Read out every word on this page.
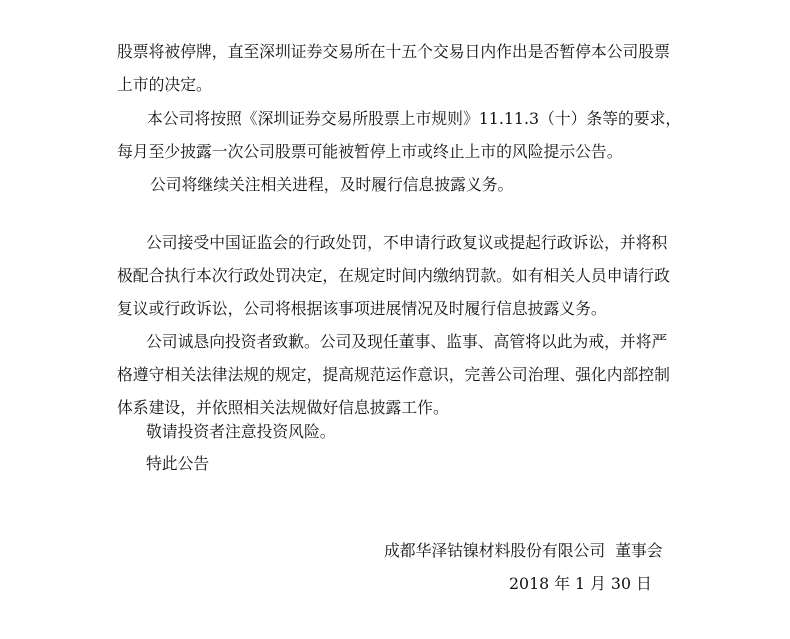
股票将被停牌，直至深圳证券交易所在十五个交易日内作出是否暂停本公司股票
上市的决定。
本公司将按照《深圳证券交易所股票上市规则》11.11.3（十）条等的要求，
每月至少披露一次公司股票可能被暂停上市或终止上市的风险提示公告。
公司将继续关注相关进程，及时履行信息披露义务。
公司接受中国证监会的行政处罚，不申请行政复议或提起行政诉讼，并将积
极配合执行本次行政处罚决定，在规定时间内缴纳罚款。如有相关人员申请行政
复议或行政诉讼，公司将根据该事项进展情况及时履行信息披露义务。
公司诚恳向投资者致歉。公司及现任董事、监事、高管将以此为戒，并将严
格遵守相关法律法规的规定，提高规范运作意识，完善公司治理、强化内部控制
体系建设，并依照相关法规做好信息披露工作。
敬请投资者注意投资风险。
特此公告
成都华泽钴镍材料股份有限公司  董事会
2018 年 1 月 30 日
